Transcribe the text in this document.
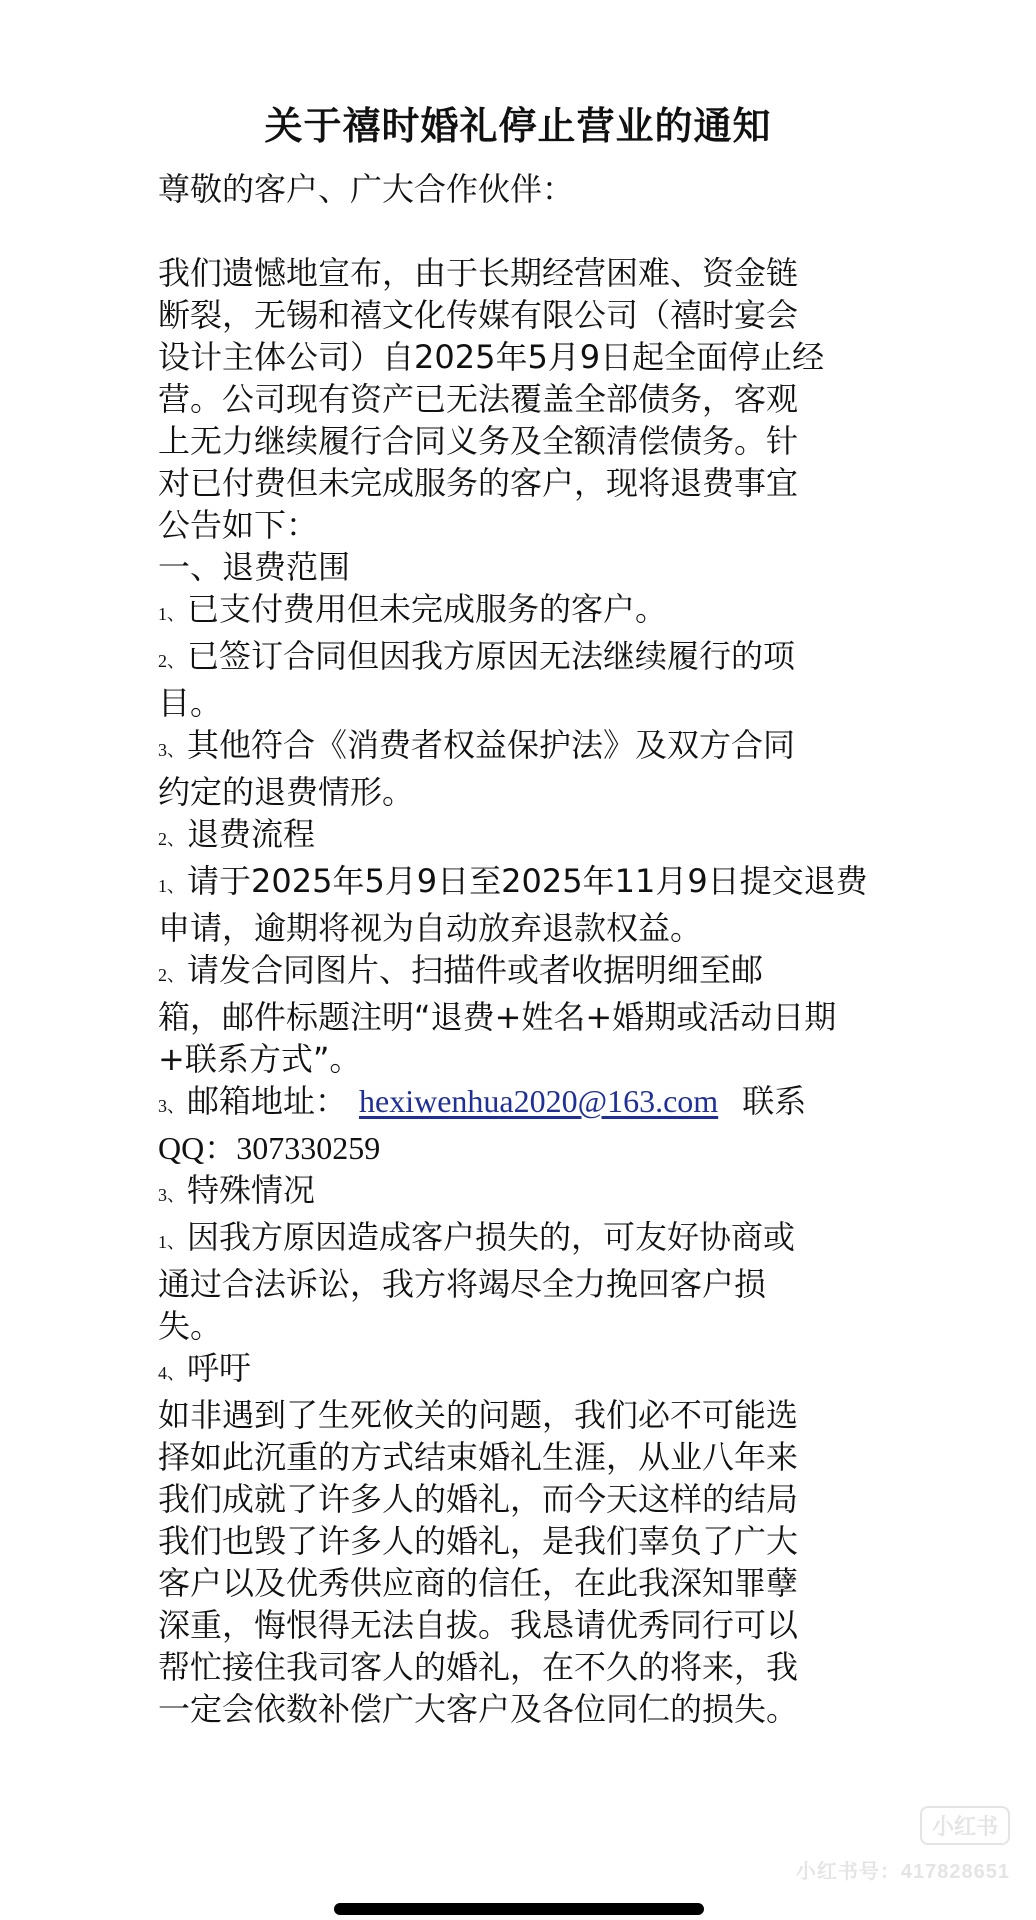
关于禧时婚礼停止营业的通知

尊敬的客户、广大合作伙伴：

我们遗憾地宣布，由于长期经营困难、资金链

断裂，无锡和禧文化传媒有限公司（禧时宴会

设计主体公司）自2025年5月9日起全面停止经

营。公司现有资产已无法覆盖全部债务，客观

上无力继续履行合同义务及全额清偿债务。针

对已付费但未完成服务的客户，现将退费事宜

公告如下：

一、退费范围

1、已支付费用但未完成服务的客户。

2、已签订合同但因我方原因无法继续履行的项

目。

3、其他符合《消费者权益保护法》及双方合同

约定的退费情形。

2、退费流程

1、请于2025年5月9日至2025年11月9日提交退费

申请，逾期将视为自动放弃退款权益。

2、请发合同图片、扫描件或者收据明细至邮

箱，邮件标题注明“退费+姓名+婚期或活动日期

+联系方式”。

3、邮箱地址： hexiwenhua2020@163.com 联系

QQ：307330259

3、特殊情况

1、因我方原因造成客户损失的，可友好协商或

通过合法诉讼，我方将竭尽全力挽回客户损

失。

4、呼吁

如非遇到了生死攸关的问题，我们必不可能选

择如此沉重的方式结束婚礼生涯，从业八年来

我们成就了许多人的婚礼，而今天这样的结局

我们也毁了许多人的婚礼，是我们辜负了广大

客户以及优秀供应商的信任，在此我深知罪孽

深重，悔恨得无法自拔。我恳请优秀同行可以

帮忙接住我司客人的婚礼，在不久的将来，我

一定会依数补偿广大客户及各位同仁的损失。

小红书
小红书号：417828651
